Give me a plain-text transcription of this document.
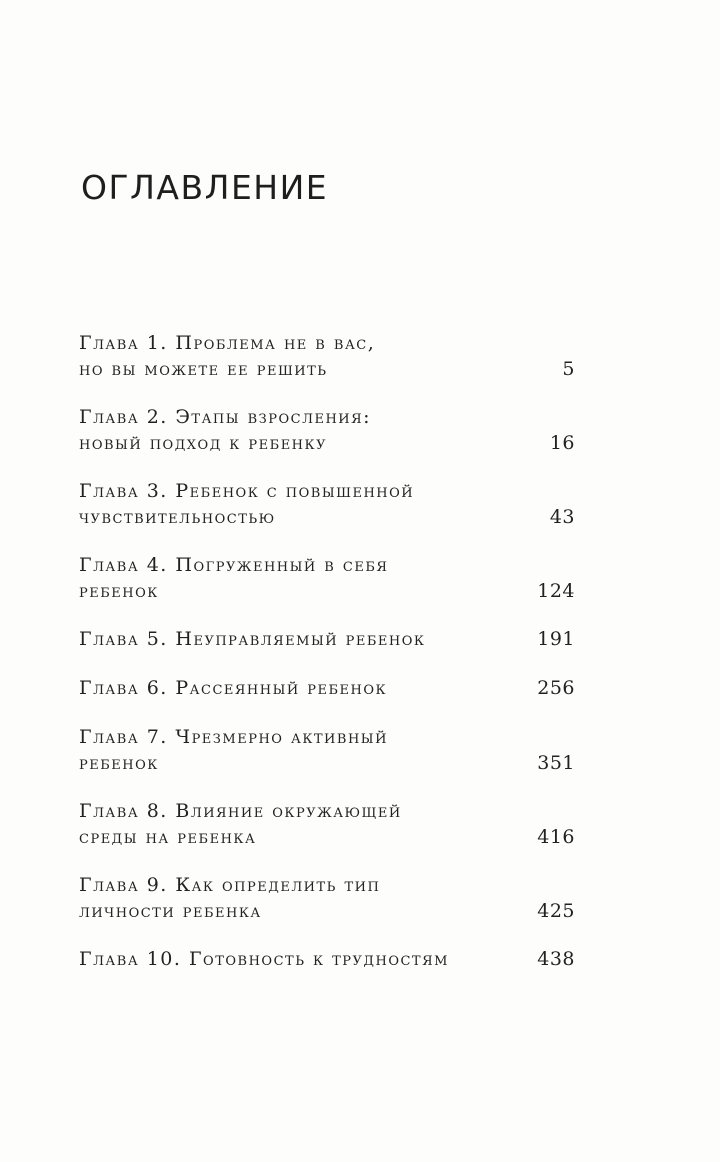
ОГЛАВЛЕНИЕ
Глава 1. Проблема не в вас,
но вы можете ее решить	5
Глава 2. Этапы взросления:
новый подход к ребенку	16
Глава 3. Ребенок с повышенной
чувствительностью	43
Глава 4. Погруженный в себя
ребенок	124
Глава 5. Неуправляемый ребенок	191
Глава 6. Рассеянный ребенок	256
Глава 7. Чрезмерно активный
ребенок	351
Глава 8. Влияние окружающей
среды на ребенка	416
Глава 9. Как определить тип
личности ребенка	425
Глава 10. Готовность к трудностям	438
